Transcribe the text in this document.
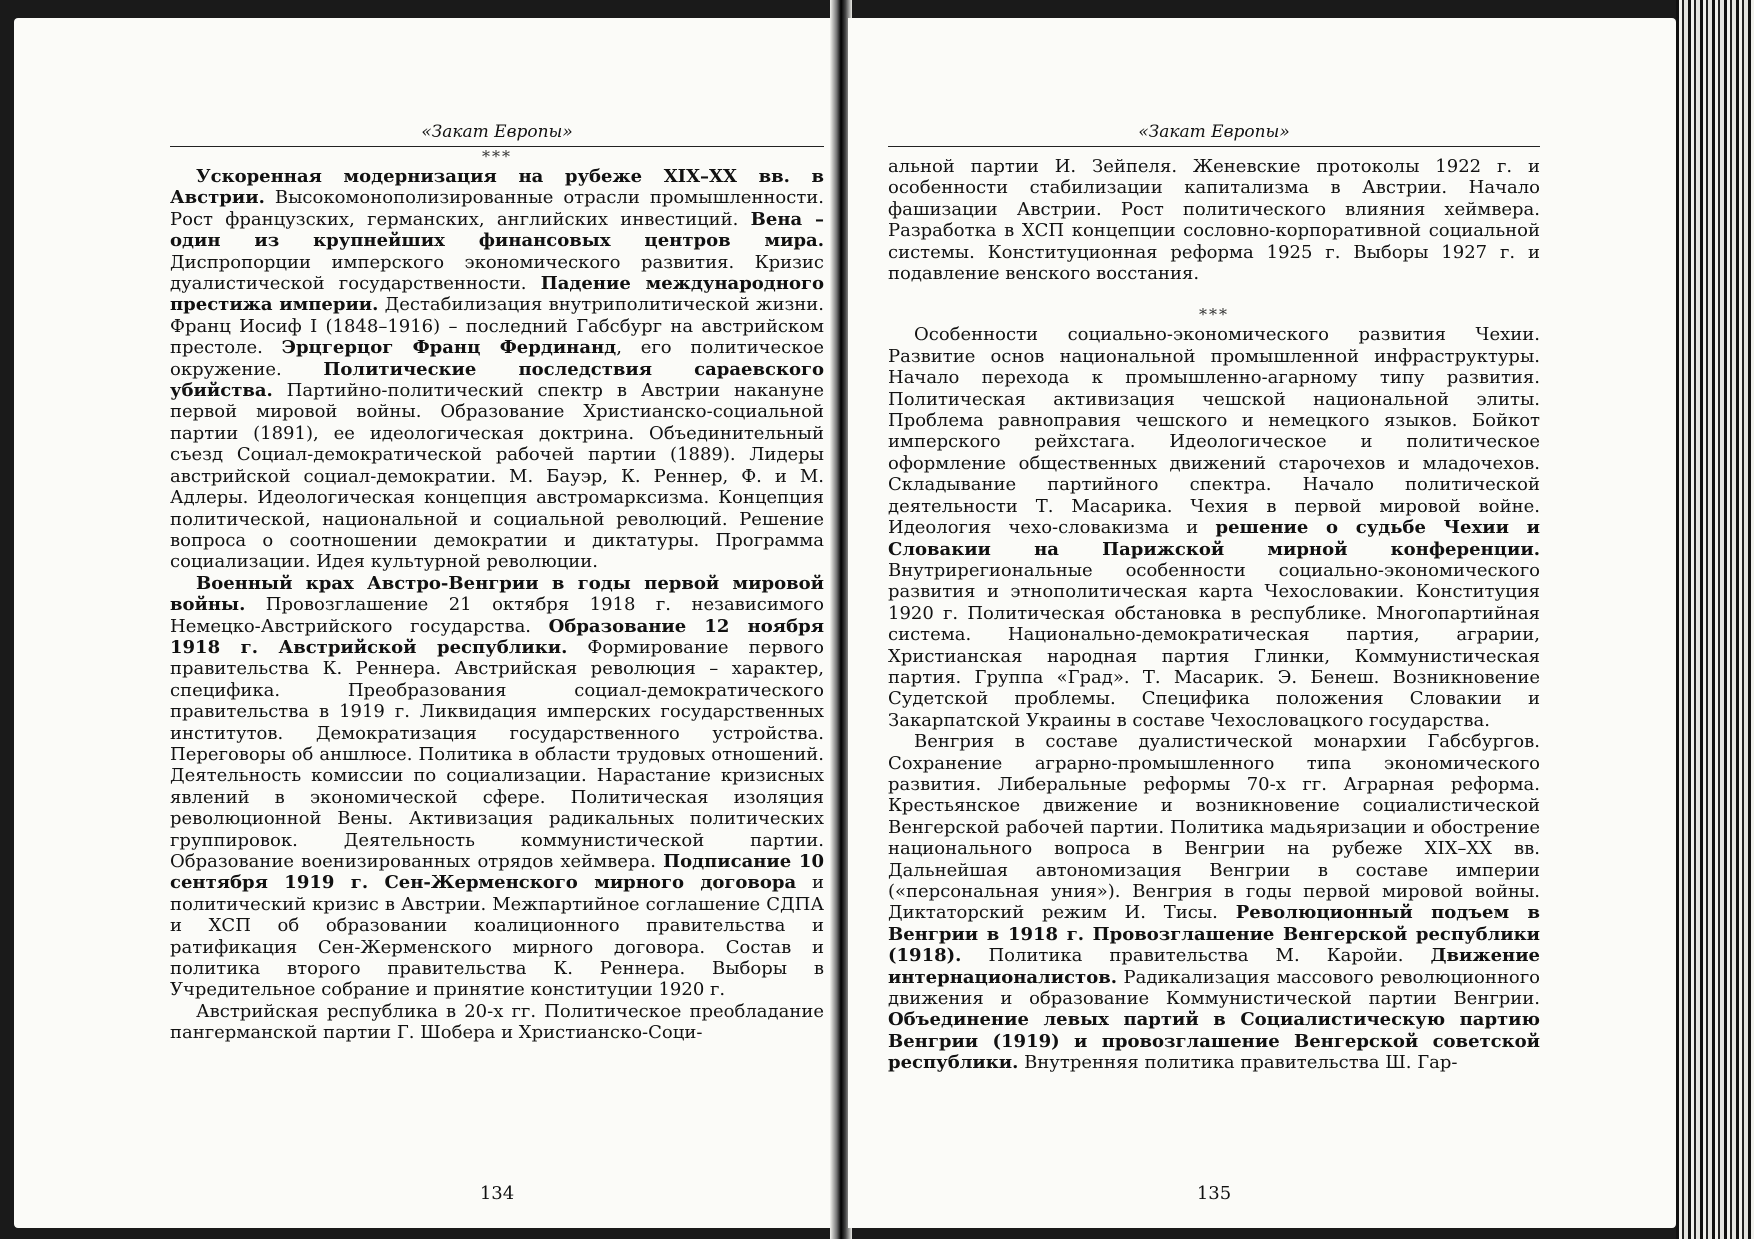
«Закат Европы»
***

Ускоренная модернизация на рубеже XIX–XX вв. в Австрии. Высокомонополизированные отрасли промышленности. Рост французских, германских, английских инвестиций. Вена – один из крупнейших финансовых центров мира. Диспропорции имперского экономического развития. Кризис дуалистической государственности. Падение международного престижа империи. Дестабилизация внутриполитической жизни. Франц Иосиф I (1848–1916) – последний Габсбург на австрийском престоле. Эрцгерцог Франц Фердинанд, его политическое окружение. Политические последствия сараевского убийства. Партийно-политический спектр в Австрии накануне первой мировой войны. Образование Христианско-социальной партии (1891), ее идеологическая доктрина. Объединительный съезд Социал-демократической рабочей партии (1889). Лидеры австрийской социал-демократии. М. Бауэр, К. Реннер, Ф. и М. Адлеры. Идеологическая концепция австромарксизма. Концепция политической, национальной и социальной революций. Решение вопроса о соотношении демократии и диктатуры. Программа социализации. Идея культурной революции.

Военный крах Австро-Венгрии в годы первой мировой войны. Провозглашение 21 октября 1918 г. независимого Немецко-Австрийского государства. Образование 12 ноября 1918 г. Австрийской республики. Формирование первого правительства К. Реннера. Австрийская революция – характер, специфика. Преобразования социал-демократического правительства в 1919 г. Ликвидация имперских государственных институтов. Демократизация государственного устройства. Переговоры об аншлюсе. Политика в области трудовых отношений. Деятельность комиссии по социализации. Нарастание кризисных явлений в экономической сфере. Политическая изоляция революционной Вены. Активизация радикальных политических группировок. Деятельность коммунистической партии. Образование военизированных отрядов хеймвера. Подписание 10 сентября 1919 г. Сен-Жерменского мирного договора и политический кризис в Австрии. Межпартийное соглашение СДПА и ХСП об образовании коалиционного правительства и ратификация Сен-Жерменского мирного договора. Состав и политика второго правительства К. Реннера. Выборы в Учредительное собрание и принятие конституции 1920 г.

Австрийская республика в 20-х гг. Политическое преобладание пангерманской партии Г. Шобера и Христианско-Соци-

134
«Закат Европы»

альной партии И. Зейпеля. Женевские протоколы 1922 г. и особенности стабилизации капитализма в Австрии. Начало фашизации Австрии. Рост политического влияния хеймвера. Разработка в ХСП концепции сословно-корпоративной социальной системы. Конституционная реформа 1925 г. Выборы 1927 г. и подавление венского восстания.

***

Особенности социально-экономического развития Чехии. Развитие основ национальной промышленной инфраструктуры. Начало перехода к промышленно-агарному типу развития. Политическая активизация чешской национальной элиты. Проблема равноправия чешского и немецкого языков. Бойкот имперского рейхстага. Идеологическое и политическое оформление общественных движений старочехов и младочехов. Складывание партийного спектра. Начало политической деятельности Т. Масарика. Чехия в первой мировой войне. Идеология чехо-словакизма и решение о судьбе Чехии и Словакии на Парижской мирной конференции. Внутрирегиональные особенности социально-экономического развития и этнополитическая карта Чехословакии. Конституция 1920 г. Политическая обстановка в республике. Многопартийная система. Национально-демократическая партия, аграрии, Христианская народная партия Глинки, Коммунистическая партия. Группа «Град». Т. Масарик. Э. Бенеш. Возникновение Судетской проблемы. Специфика положения Словакии и Закарпатской Украины в составе Чехословацкого государства.

Венгрия в составе дуалистической монархии Габсбургов. Сохранение аграрно-промышленного типа экономического развития. Либеральные реформы 70-х гг. Аграрная реформа. Крестьянское движение и возникновение социалистической Венгерской рабочей партии. Политика мадьяризации и обострение национального вопроса в Венгрии на рубеже XIX–XX вв. Дальнейшая автономизация Венгрии в составе империи («персональная уния»). Венгрия в годы первой мировой войны. Диктаторский режим И. Тисы. Революционный подъем в Венгрии в 1918 г. Провозглашение Венгерской республики (1918). Политика правительства М. Каройи. Движение интернационалистов. Радикализация массового революционного движения и образование Коммунистической партии Венгрии. Объединение левых партий в Социалистическую партию Венгрии (1919) и провозглашение Венгерской советской республики. Внутренняя политика правительства Ш. Гар-

135
